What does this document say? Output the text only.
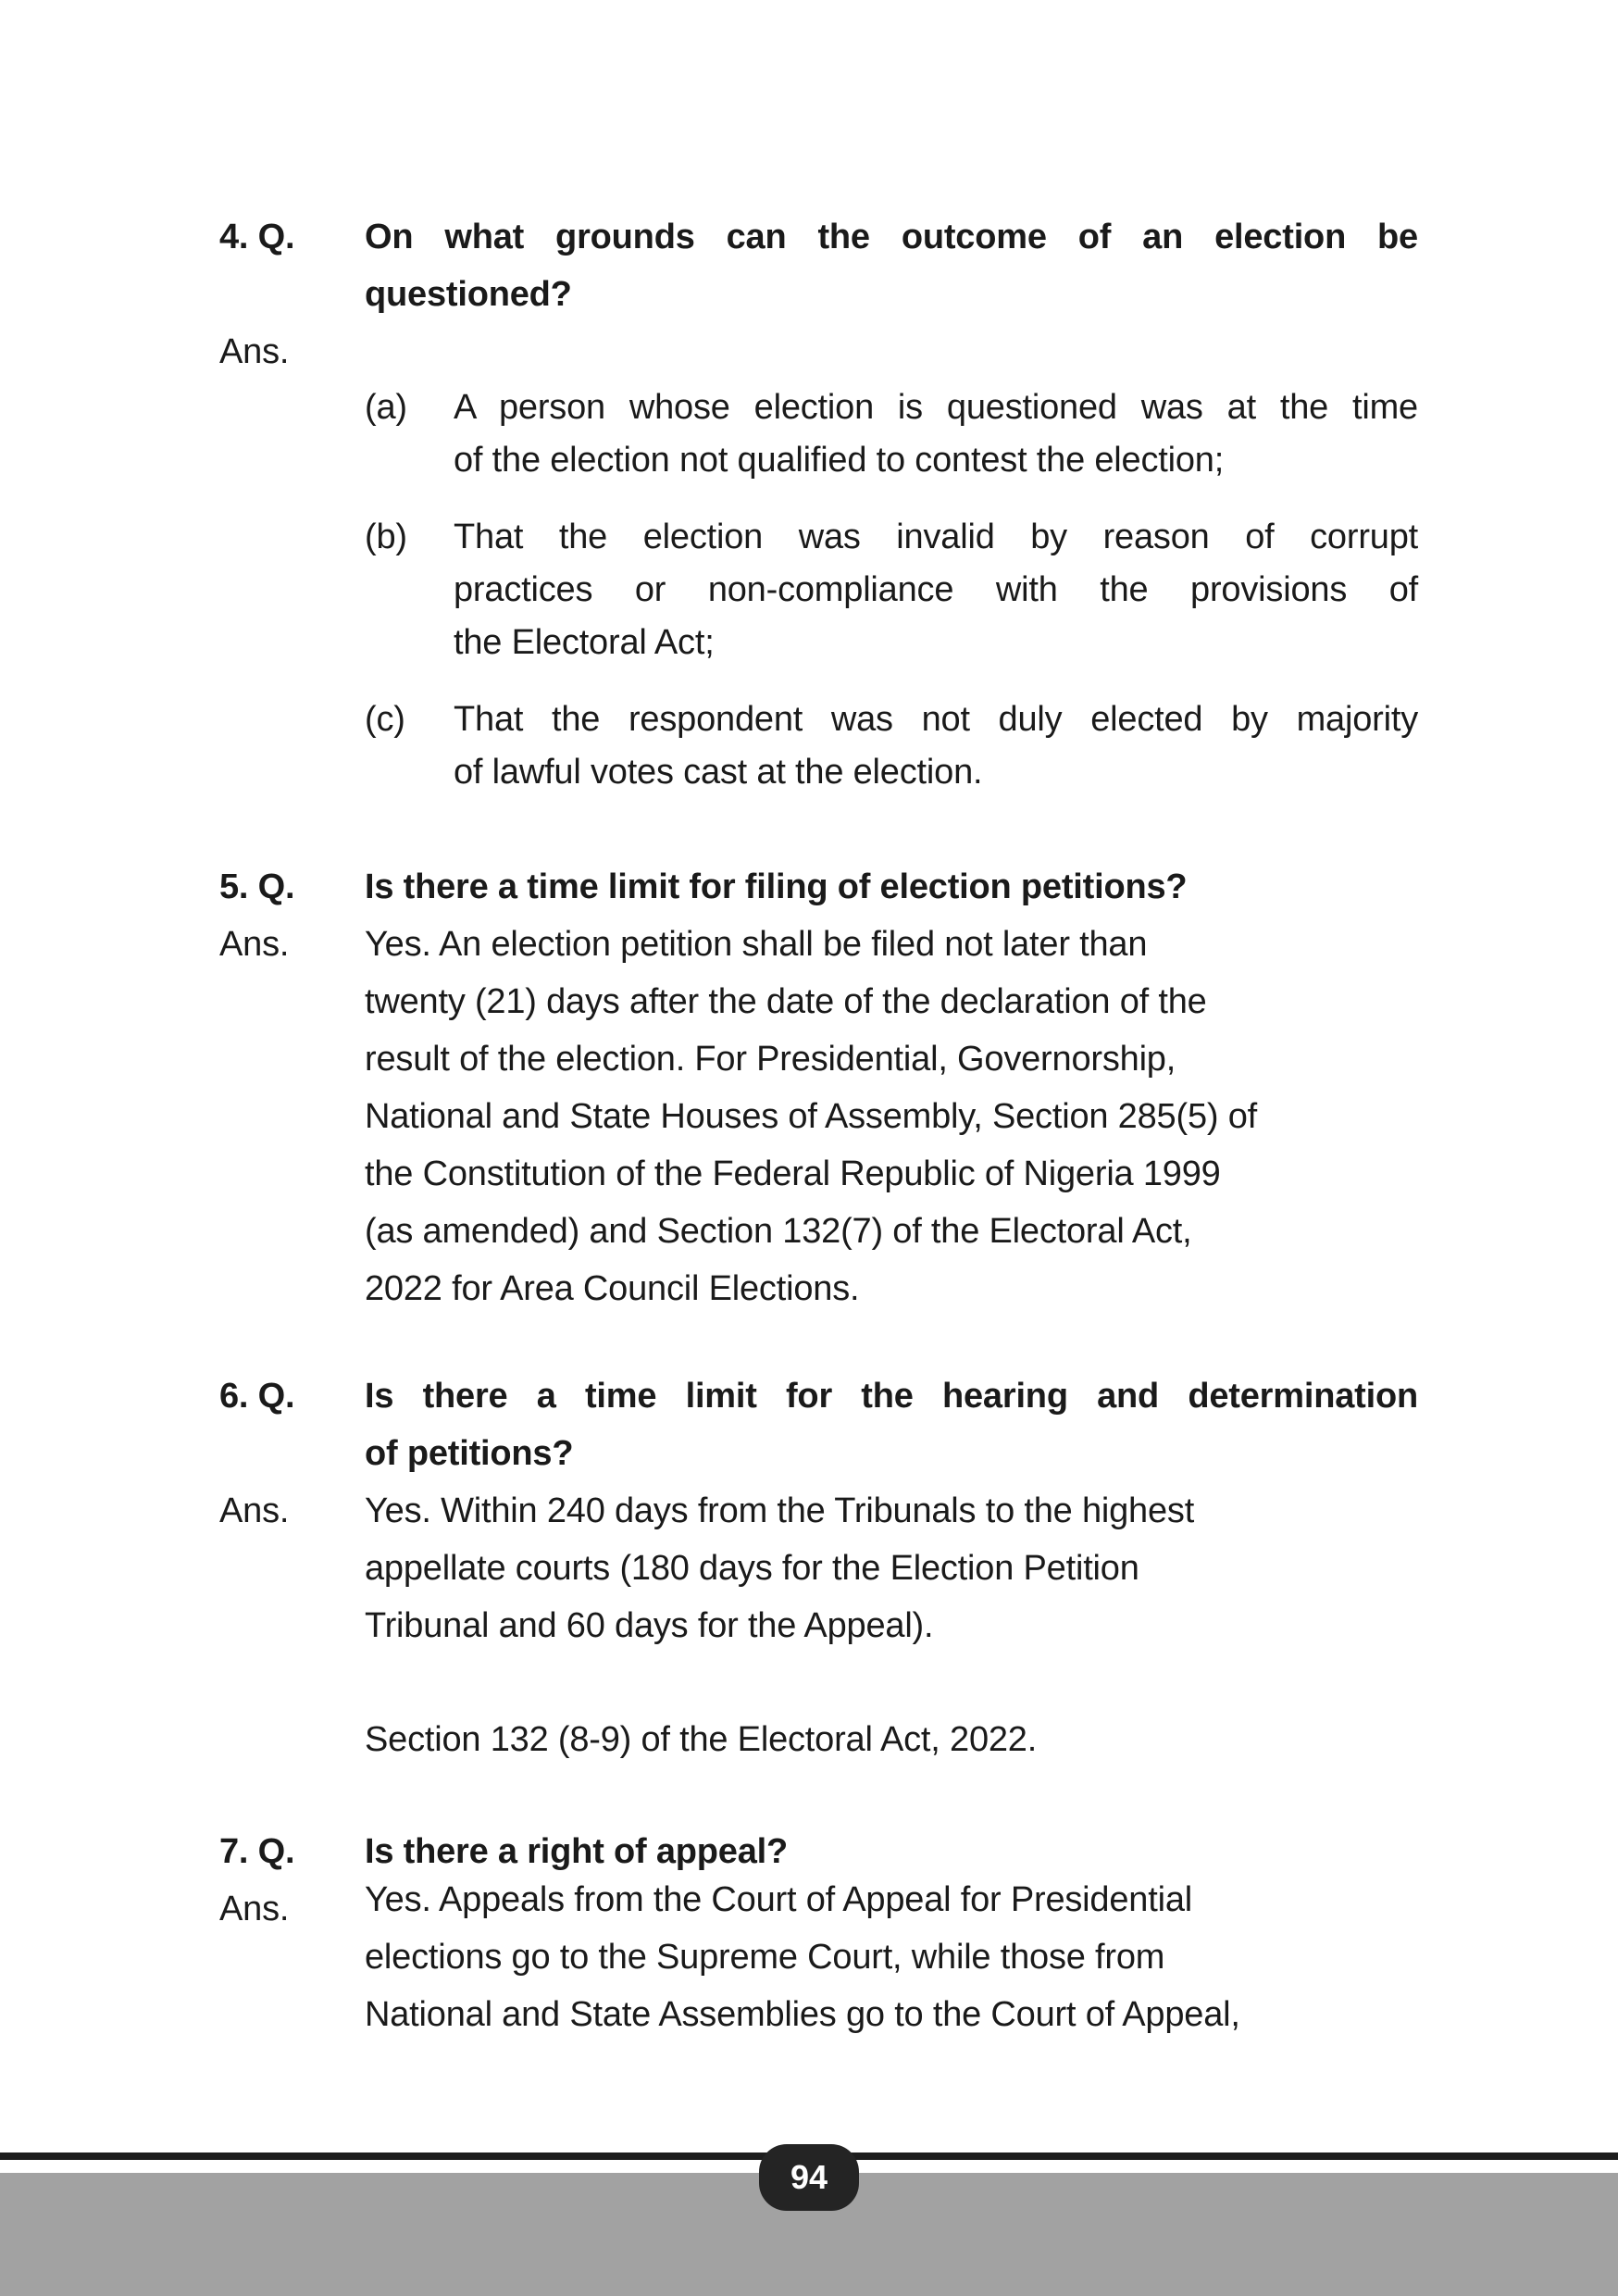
4. Q.	On what grounds can the outcome of an election be
questioned?
Ans.
(a)	A person whose election is questioned was at the time
of the election not qualified to contest the election;
(b)	That the election was invalid by reason of corrupt
practices or non-compliance with the provisions of
the Electoral Act;
(c)	That the respondent was not duly elected by majority
of lawful votes cast at the election.
5. Q.	Is there a time limit for filing of election petitions?
Ans.	Yes. An election petition shall be filed not later than
twenty (21) days after the date of the declaration of the
result of the election. For Presidential, Governorship,
National and State Houses of Assembly, Section 285(5) of
the Constitution of the Federal Republic of Nigeria 1999
(as amended) and Section 132(7) of the Electoral Act,
2022 for Area Council Elections.
6. Q.	Is there a time limit for the hearing and determination
of petitions?
Ans.	Yes. Within 240 days from the Tribunals to the highest
appellate courts (180 days for the Election Petition
Tribunal and 60 days for the Appeal).
Section 132 (8-9) of the Electoral Act, 2022.
7. Q.	Is there a right of appeal?
Ans.	Yes. Appeals from the Court of Appeal for Presidential
elections go to the Supreme Court, while those from
National and State Assemblies go to the Court of Appeal,
94
